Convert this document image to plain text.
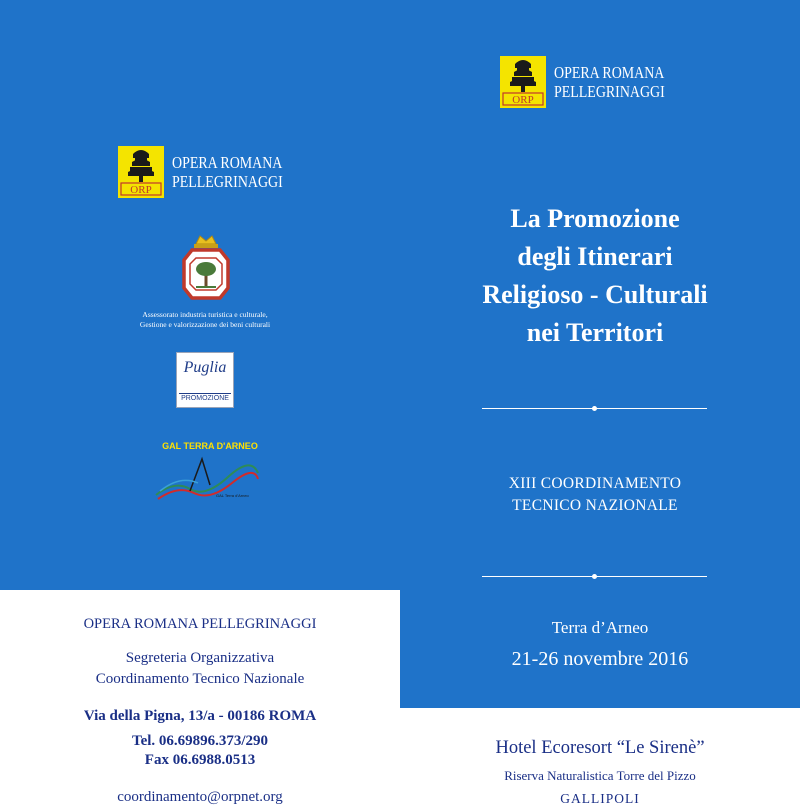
ORP
OPERA ROMANA
PELLEGRINAGGI
ORP
OPERA ROMANA
PELLEGRINAGGI
Assessorato industria turistica e culturale,
Gestione e valorizzazione dei beni culturali
Puglia
PROMOZIONE
GAL TERRA D'ARNEO
GAL Terra d'Arneo
La Promozione
degli Itinerari
Religioso - Culturali
nei Territori
XIII COORDINAMENTO
TECNICO NAZIONALE
Terra d’Arneo
21-26 novembre 2016
Hotel Ecoresort “Le Sirenè”
Riserva Naturalistica Torre del Pizzo
GALLIPOLI
OPERA ROMANA PELLEGRINAGGI
Segreteria Organizzativa
Coordinamento Tecnico Nazionale
Via della Pigna, 13/a - 00186 ROMA
Tel. 06.69896.373/290
Fax 06.6988.0513
coordinamento@orpnet.org
